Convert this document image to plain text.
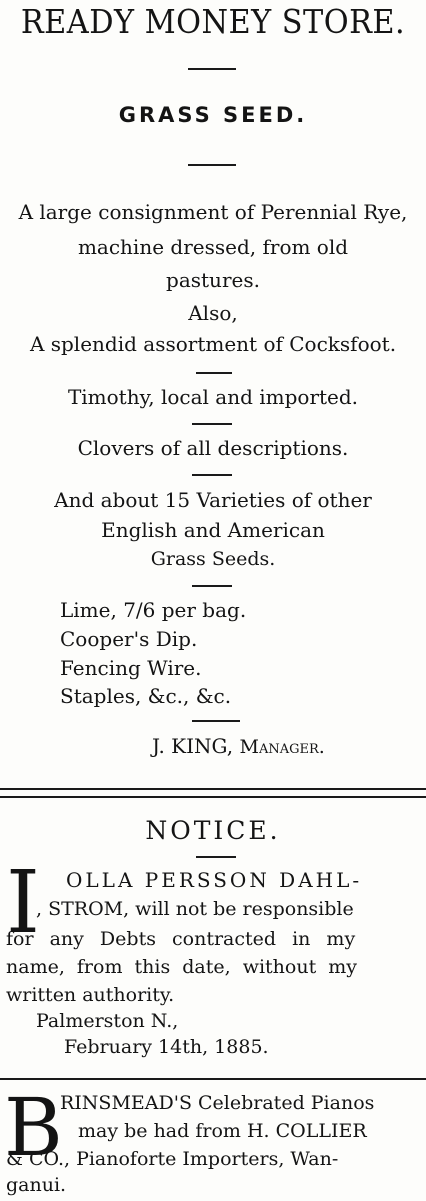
READY MONEY STORE.
GRASS SEED.
A large consignment of Perennial Rye,
machine dressed, from old
pastures.
Also,
A splendid assortment of Cocksfoot.
Timothy, local and imported.
Clovers of all descriptions.
And about 15 Varieties of other
English and American
Grass Seeds.
Lime, 7/6 per bag.
Cooper's Dip.
Fencing Wire.
Staples, &c., &c.
J. KING, Manager.
NOTICE.
I OLLA PERSSON DAHL-
, STROM, will not be responsible
for any Debts contracted in my
name, from this date, without my
written authority.
Palmerston N.,
February 14th, 1885.
B
RINSMEAD'S Celebrated Pianos
may be had from H. COLLIER
& CO., Pianoforte Importers, Wan-
ganui.
